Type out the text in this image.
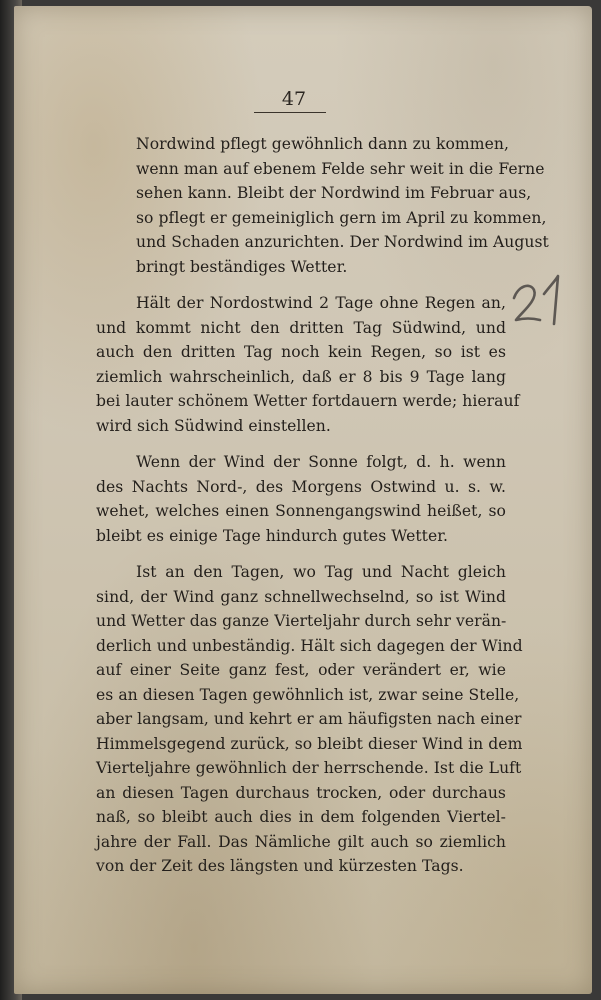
47
Nordwind pflegt gewöhnlich dann zu kommen,
wenn man auf ebenem Felde sehr weit in die Ferne
sehen kann. Bleibt der Nordwind im Februar aus,
so pflegt er gemeiniglich gern im April zu kommen,
und Schaden anzurichten. Der Nordwind im August
bringt beständiges Wetter.
Hält der Nordostwind 2 Tage ohne Regen an,
und kommt nicht den dritten Tag Südwind, und
auch den dritten Tag noch kein Regen, so ist es
ziemlich wahrscheinlich, daß er 8 bis 9 Tage lang
bei lauter schönem Wetter fortdauern werde; hierauf
wird sich Südwind einstellen.
Wenn der Wind der Sonne folgt, d. h. wenn
des Nachts Nord-, des Morgens Ostwind u. s. w.
wehet, welches einen Sonnengangswind heißet, so
bleibt es einige Tage hindurch gutes Wetter.
Ist an den Tagen, wo Tag und Nacht gleich
sind, der Wind ganz schnellwechselnd, so ist Wind
und Wetter das ganze Vierteljahr durch sehr verän-
derlich und unbeständig. Hält sich dagegen der Wind
auf einer Seite ganz fest, oder verändert er, wie
es an diesen Tagen gewöhnlich ist, zwar seine Stelle,
aber langsam, und kehrt er am häufigsten nach einer
Himmelsgegend zurück, so bleibt dieser Wind in dem
Vierteljahre gewöhnlich der herrschende. Ist die Luft
an diesen Tagen durchaus trocken, oder durchaus
naß, so bleibt auch dies in dem folgenden Viertel-
jahre der Fall. Das Nämliche gilt auch so ziemlich
von der Zeit des längsten und kürzesten Tags.
